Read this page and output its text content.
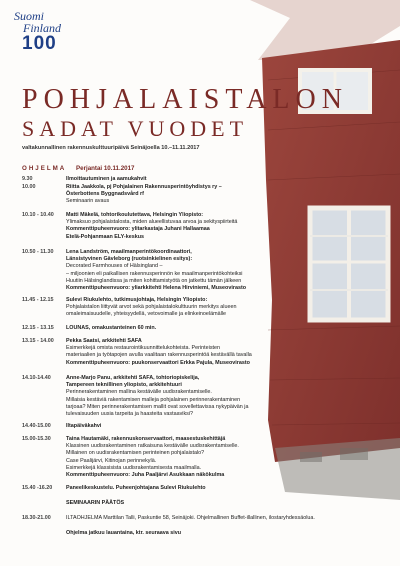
Suomi
Finland
100
POHJALAISTALON
SADAT VUODET
valtakunnallinen rakennuskulttuuripäivä Seinäjoella 10.–11.11.2017
OHJELMA Perjantai 10.11.2017
9.30	Ilmoittautuminen ja aamukahvit
10.00	Riitta Jaakkola, pj Pohjalainen Rakennusperintöyhdistys ry –
Österbottens Byggnadsvård rf
Seminaarin avaus
10.10 - 10.40	Matti Mäkelä, tohtorikoulutettava, Helsingin Yliopisto:
Ylimaksuo pohjalaistalosta, miden alueellistuvaa arvoa ja sekityspiirteitä
Kommenttipuheenvuoro: ylitarkastaja Juhani Hallaamaa
Etelä-Pohjanmaan ELY-keskus
10.50 - 11.30	Lena Landström, maailmanperintökoordinaattori,
Länsistyvinen Gävleborg (ruotsinkielinen esitys):
Decorated Farmhouses of Hälsingland –
– miljoonien eli paikallisen rakennusperinnön ke maailmanperintökohteiksi
Huutiin Hälsinglandissa ja miten kohittamistyötä on jatkettu tämän jälkeen
Kommenttipuheenvuoro: yliarkkitehti Helena Hirviniemi, Museovirasto
11.45 - 12.15	Sulevi Riukulehto, tutkimusjohtaja, Helsingin Yliopisto:
Pohjalaistalon liittyvät arvot sekä pohjalaistalokulttuurin merkitys alueen
omaleimaisuudelle, yhteisyydellä, vetovoimalle ja elinkeinoelämälle
12.15 - 13.15	LOUNAS, omakustanteinen 60 min.
13.15 - 14.00	Pekka Saatsi, arkkitehti SAFA
Esimerkkejä omista restaurointikuunnittelukohteista. Perinteisten
materiaalien ja työtapojen avulla vaalitaan rakennusperintöä kestävällä tavalla
Kommenttipuheenvuoro: puukonservaattori Erkka Pajula, Museovirasto
14.10-14.40	Anne-Marjo Panu, arkkitehti SAFA, tohtoriopiskelija,
Tampereen teknillinen yliopisto, arkkitehtuuri
Perinnerakentaminen mallina kestävälle uudisrakentamiselle.
Millaisia kestäviä rakentamisen malleja pohjalainen perinnerakentaminen
tarjoaa? Miten perinnerakentamisen mallit ovat sovellettavissa nykypäivän ja
tulevaisuuden uusia tarpeita ja haasteita vastaaviksi?
14.40-15.00	Iltapäiväkahvi
15.00-15.30	Taina Hautamäki, rakennuskonservaattori, maasestuskehittäjä
Klassinen uudisrakentaminen ratkaisuna kestävälle uudisrakentamiselle.
Millainen on uudisrakentamisen perinteinen pohjalaistalo?
Case Paalijärvi, Kitinojan perinnekylä.
Esimerkkejä klassisista uudisrakentamisesta maailmalla.
Kommenttipuheenvuoro: Juha Paaljärvi Asukkaan näkökulma
15.40 -16.20	Paneelikeskustelu. Puheenjohtajana Sulevi Riukulehto
SEMINAARIN PÄÄTÖS
18.30-21.00	ILTAOHJELMA Marttilan Talli, Paskuntie 58, Seinäjoki. Ohjelmallinen Buffet-illallinen, ilostaryhdessäolua.
Ohjelma jatkuu lauantaina, ktr. seuraava sivu
